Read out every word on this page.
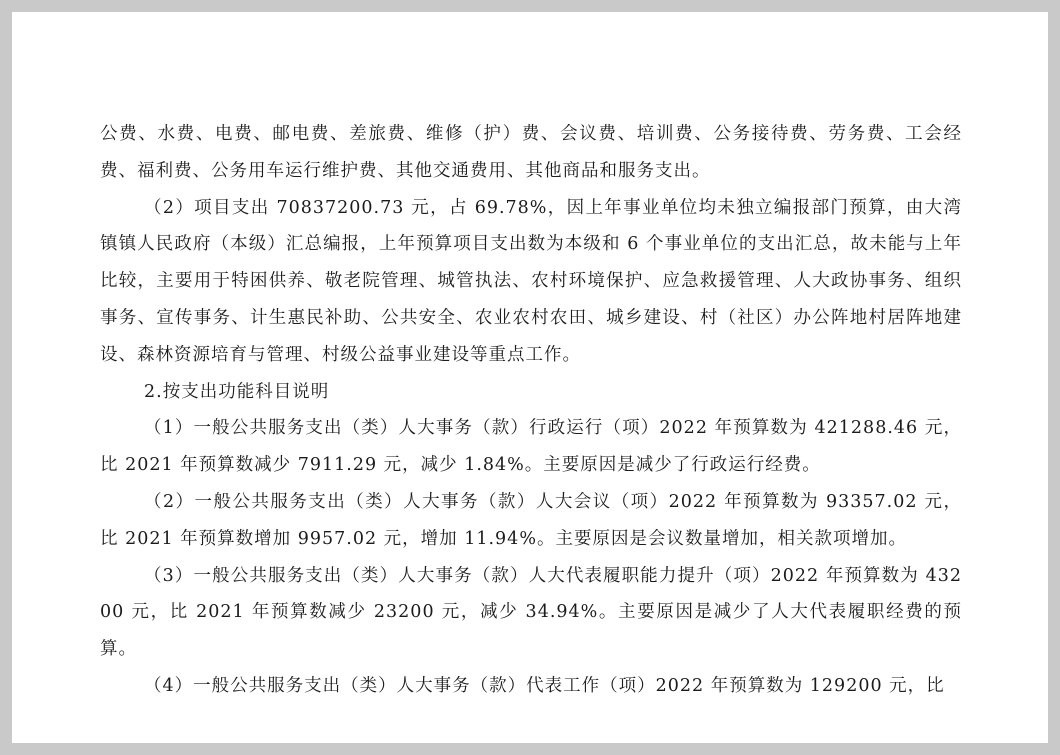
公费、水费、电费、邮电费、差旅费、维修（护）费、会议费、培训费、公务接待费、劳务费、工会经费、福利费、公务用车运行维护费、其他交通费用、其他商品和服务支出。

（2）项目支出 70837200.73 元，占 69.78%，因上年事业单位均未独立编报部门预算，由大湾镇镇人民政府（本级）汇总编报，上年预算项目支出数为本级和 6 个事业单位的支出汇总，故未能与上年比较，主要用于特困供养、敬老院管理、城管执法、农村环境保护、应急救援管理、人大政协事务、组织事务、宣传事务、计生惠民补助、公共安全、农业农村农田、城乡建设、村（社区）办公阵地村居阵地建设、森林资源培育与管理、村级公益事业建设等重点工作。

2.按支出功能科目说明

（1）一般公共服务支出（类）人大事务（款）行政运行（项）2022 年预算数为 421288.46 元，比 2021 年预算数减少 7911.29 元，减少 1.84%。主要原因是减少了行政运行经费。

（2）一般公共服务支出（类）人大事务（款）人大会议（项）2022 年预算数为 93357.02 元，比 2021 年预算数增加 9957.02 元，增加 11.94%。主要原因是会议数量增加，相关款项增加。

（3）一般公共服务支出（类）人大事务（款）人大代表履职能力提升（项）2022 年预算数为 43200 元，比 2021 年预算数减少 23200 元，减少 34.94%。主要原因是减少了人大代表履职经费的预算。

（4）一般公共服务支出（类）人大事务（款）代表工作（项）2022 年预算数为 129200 元，比
